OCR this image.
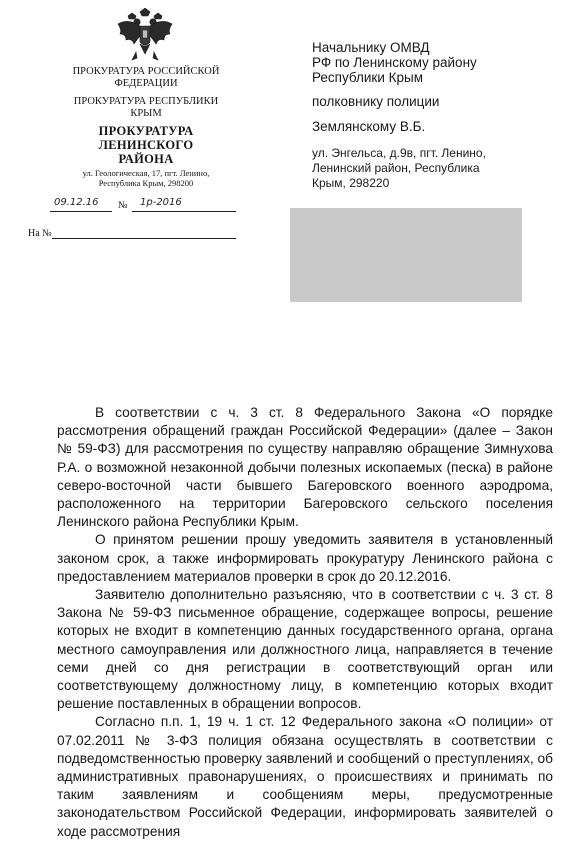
ПРОКУРАТУРА РОССИЙСКОЙ ФЕДЕРАЦИИ
ПРОКУРАТУРА РЕСПУБЛИКИ КРЫМ
ПРОКУРАТУРА ЛЕНИНСКОГО РАЙОНА
ул. Геологическая, 17, пгт. Ленино, Республика Крым, 298200
09.12.16 № 1р-2016
На №
Начальнику ОМВД
РФ по Ленинскому району
Республики Крым
полковнику полиции
Землянскому В.Б.
ул. Энгельса, д.9в, пгт. Ленино,
Ленинский район, Республика
Крым, 298220

В соответствии с ч. 3 ст. 8 Федерального Закона «О порядке рассмотрения обращений граждан Российской Федерации» (далее – Закон № 59-ФЗ) для рассмотрения по существу направляю обращение Зимнухова Р.А. о возможной незаконной добычи полезных ископаемых (песка) в районе северо-восточной части бывшего Багеровского военного аэродрома, расположенного на территории Багеровского сельского поселения Ленинского района Республики Крым.

О принятом решении прошу уведомить заявителя в установленный законом срок, а также информировать прокуратуру Ленинского района с предоставлением материалов проверки в срок до 20.12.2016.

Заявителю дополнительно разъясняю, что в соответствии с ч. 3 ст. 8 Закона № 59-ФЗ письменное обращение, содержащее вопросы, решение которых не входит в компетенцию данных государственного органа, органа местного самоуправления или должностного лица, направляется в течение семи дней со дня регистрации в соответствующий орган или соответствующему должностному лицу, в компетенцию которых входит решение поставленных в обращении вопросов.

Согласно п.п. 1, 19 ч. 1 ст. 12 Федерального закона «О полиции» от 07.02.2011 № 3-ФЗ полиция обязана осуществлять в соответствии с подведомственностью проверку заявлений и сообщений о преступлениях, об административных правонарушениях, о происшествиях и принимать по таким заявлениям и сообщениям меры, предусмотренные законодательством Российской Федерации, информировать заявителей о ходе рассмотрения
